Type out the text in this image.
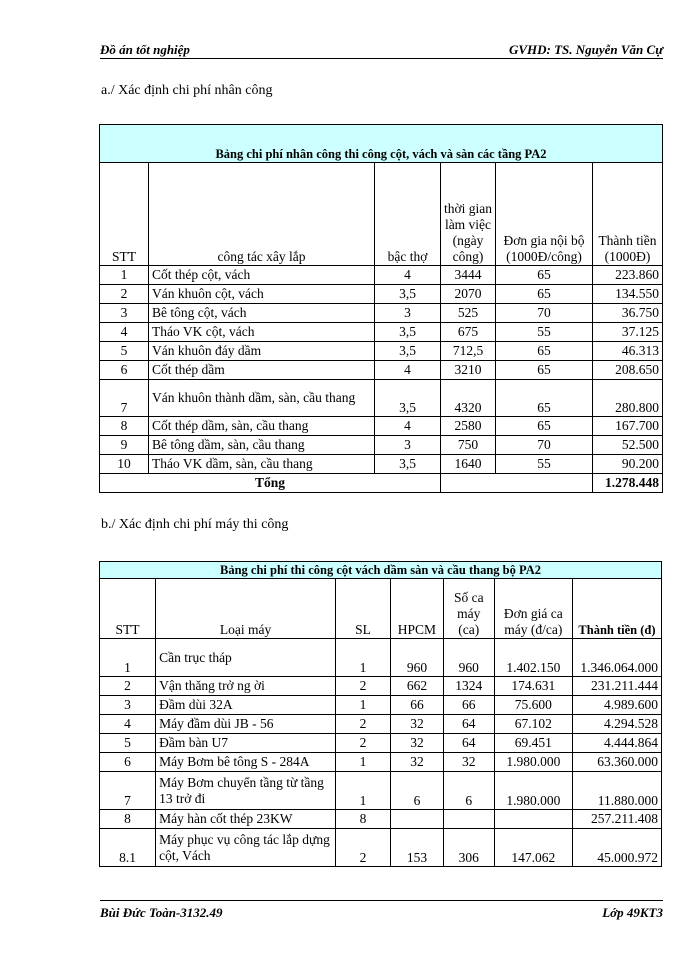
Đồ án tốt nghiệp	GVHD: TS. Nguyễn Văn Cự
a./ Xác định chi phí nhân công
Bảng chi phí nhân công thi công cột, vách và sàn các tầng PA2					
STT	công tác xây lắp	bậc thợ	thời gian làm việc (ngày công)	Đơn gia nội bộ (1000Đ/công)	Thành tiền (1000Đ)
1	Cốt thép cột, vách	4	3444	65	223.860
2	Ván khuôn cột, vách	3,5	2070	65	134.550
3	Bê tông cột, vách	3	525	70	36.750
4	Tháo VK cột, vách	3,5	675	55	37.125
5	Ván khuôn đáy dầm	3,5	712,5	65	46.313
6	Cốt thép dầm	4	3210	65	208.650
7	Ván khuôn thành dầm, sàn, cầu thang	3,5	4320	65	280.800
8	Cốt thép dầm, sàn, cầu thang	4	2580	65	167.700
9	Bê tông dầm, sàn, cầu thang	3	750	70	52.500
10	Tháo VK dầm, sàn, cầu thang	3,5	1640	55	90.200
Tổng					1.278.448
b./ Xác định chi phí máy thi công
Bảng chi phí thi công cột vách dầm sàn và cầu thang bộ PA2						
STT	Loại máy	SL	HPCM	Số ca máy (ca)	Đơn giá ca máy (đ/ca)	Thành tiền (đ)
1	Cần trục tháp	1	960	960	1.402.150	1.346.064.000
2	Vận thăng trở ng ời	2	662	1324	174.631	231.211.444
3	Đầm dùi 32A	1	66	66	75.600	4.989.600
4	Máy đầm dùi JB - 56	2	32	64	67.102	4.294.528
5	Đầm bàn U7	2	32	64	69.451	4.444.864
6	Máy Bơm bê tông S - 284A	1	32	32	1.980.000	63.360.000
7	Máy Bơm chuyển tầng từ tầng 13 trở đi	1	6	6	1.980.000	11.880.000
8	Máy hàn cốt thép 23KW	8				257.211.408
8.1	Máy phục vụ công tác lắp dựng cột, Vách	2	153	306	147.062	45.000.972
Bùi Đức Toàn-3132.49	Lớp 49KT3
